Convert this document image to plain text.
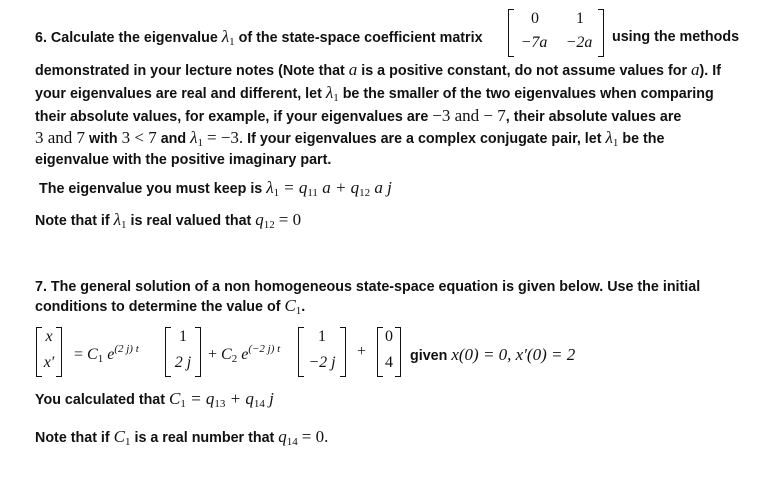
6. Calculate the eigenvalue $\lambda_1$ of the state-space coefficient matrix
0	1
−7a	−2a	using the methods
demonstrated in your lecture notes (Note that a is a positive constant, do not assume values for a). If
your eigenvalues are real and different, let $\lambda_1$ be the smaller of the two eigenvalues when comparing
their absolute values, for example, if your eigenvalues are −3 and − 7, their absolute values are
3 and 7 with 3 < 7 and $\lambda_1 = -3$. If your eigenvalues are a complex conjugate pair, let $\lambda_1$ be the
eigenvalue with the positive imaginary part.
The eigenvalue you must keep is $\lambda_1 = q_{11}$ $a + q_{12}$ a j
Note that if $\lambda_1$ is real valued that $q_{12} = 0$
7. The general solution of a non homogeneous state-space equation is given below. Use the initial
conditions to determine the value of $C_1$.
x
$x' = C_1$ $e^{(2 j) t}$
1
2 j	+ $C_2$ $e^{(-2 j) t}$
1
−2 j
+
0
4 given x(0) = 0, x′(0) = 2
You calculated that $C_1 = q_{13} + q_{14}$ j
Note that if $C_1$ is a real number that $q_{14} = 0$.
